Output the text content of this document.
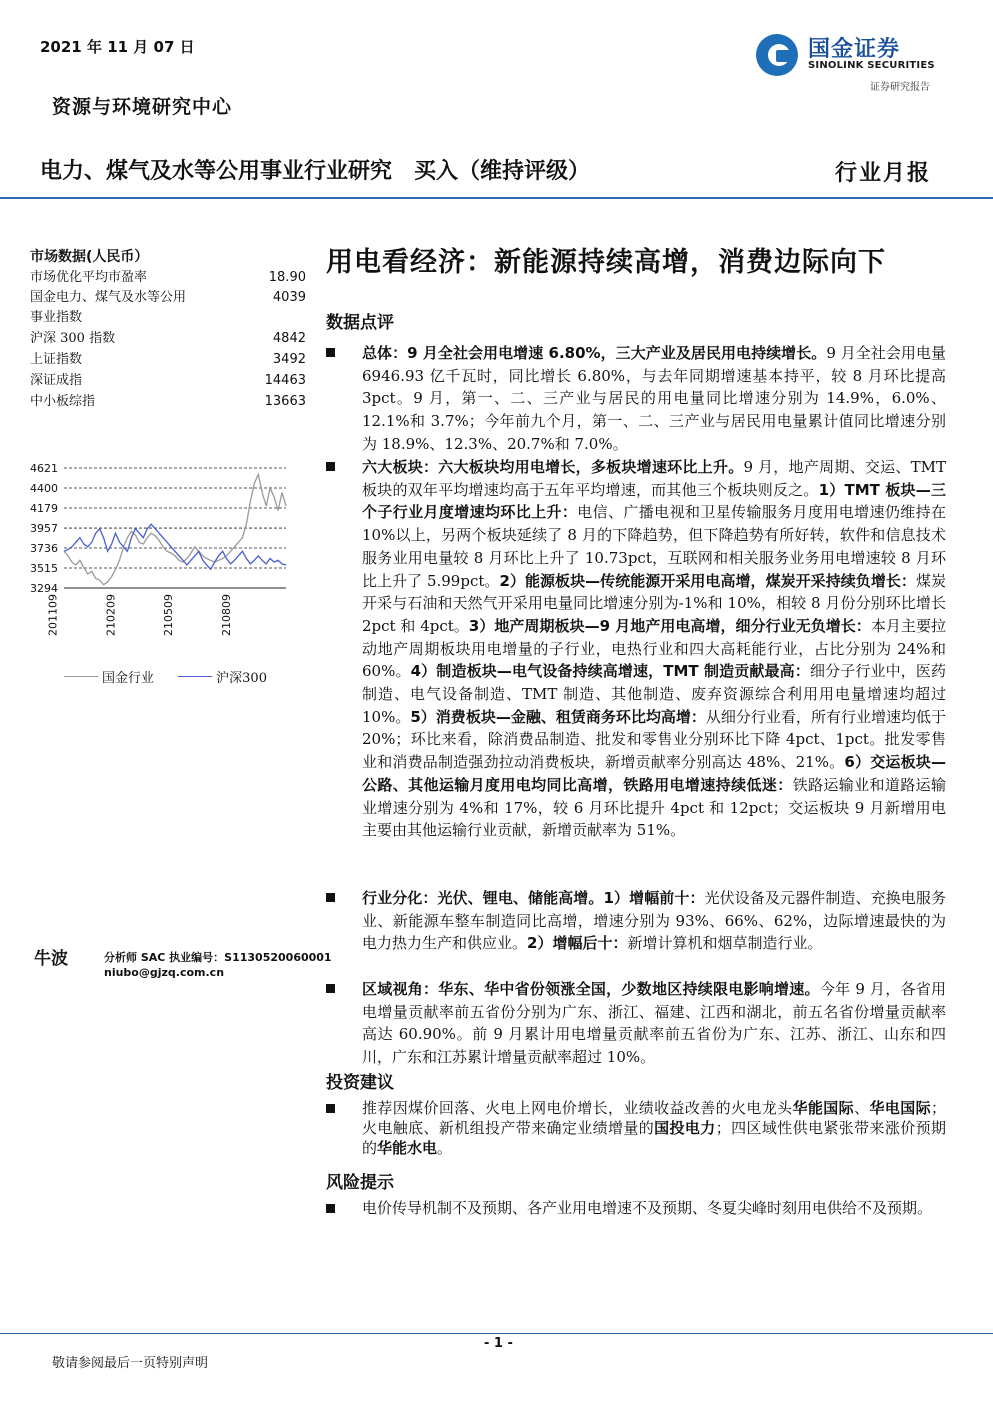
2021 年 11 月 07 日	国金证券
SINOLINK SECURITIES
证券研究报告
资源与环境研究中心
电力、煤气及水等公用事业行业研究 买入（维持评级）	行业月报
市场数据(人民币）
市场优化平均市盈率	18.90
国金电力、煤气及水等公用	4039
事业指数
沪深 300 指数	4842
上证指数	3492
深证成指	14463
中小板综指	13663
4621
4400
4179
3957
3736
3515
3294
201109	210209	210509	210809
国金行业
	沪深300
牛波	分析师 SAC 执业编号：S1130520060001
niubo@gjzq.com.cn
用电看经济：新能源持续高增，消费边际向下
数据点评
总体：9 月全社会用电增速 6.80%，三大产业及居民用电持续增长。9 月全社会用电量 6946.93 亿千瓦时，同比增长 6.80%，与去年同期增速基本持平，较 8 月环比提高 3pct。9 月，第一、二、三产业与居民的用电量同比增速分别为 14.9%，6.0%、12.1%和 3.7%；今年前九个月，第一、二、三产业与居民用电量累计值同比增速分别为 18.9%、12.3%、20.7%和 7.0%。
六大板块：六大板块均用电增长，多板块增速环比上升。9 月，地产周期、交运、TMT 板块的双年平均增速均高于五年平均增速，而其他三个板块则反之。1）TMT 板块—三个子行业月度增速均环比上升：电信、广播电视和卫星传输服务月度用电增速仍维持在 10%以上，另两个板块延续了 8 月的下降趋势，但下降趋势有所好转，软件和信息技术服务业用电量较 8 月环比上升了 10.73pct，互联网和相关服务业务用电增速较 8 月环比上升了 5.99pct。2）能源板块—传统能源开采用电高增，煤炭开采持续负增长：煤炭开采与石油和天然气开采用电量同比增速分别为-1%和 10%，相较 8 月份分别环比增长 2pct 和 4pct。3）地产周期板块—9 月地产用电高增，细分行业无负增长：本月主要拉动地产周期板块用电增量的子行业，电热行业和四大高耗能行业，占比分别为 24%和 60%。4）制造板块—电气设备持续高增速，TMT 制造贡献最高：细分子行业中，医药制造、电气设备制造、TMT 制造、其他制造、废弃资源综合利用用电量增速均超过 10%。5）消费板块—金融、租赁商务环比均高增：从细分行业看，所有行业增速均低于 20%；环比来看，除消费品制造、批发和零售业分别环比下降 4pct、1pct。批发零售业和消费品制造强劲拉动消费板块，新增贡献率分别高达 48%、21%。6）交运板块—公路、其他运输月度用电均同比高增，铁路用电增速持续低迷：铁路运输业和道路运输业增速分别为 4%和 17%，较 6 月环比提升 4pct 和 12pct；交运板块 9 月新增用电主要由其他运输行业贡献，新增贡献率为 51%。
行业分化：光伏、锂电、储能高增。1）增幅前十：光伏设备及元器件制造、充换电服务业、新能源车整车制造同比高增，增速分别为 93%、66%、62%，边际增速最快的为电力热力生产和供应业。2）增幅后十：新增计算机和烟草制造行业。
区域视角：华东、华中省份领涨全国，少数地区持续限电影响增速。今年 9 月，各省用电增量贡献率前五省份分别为广东、浙江、福建、江西和湖北，前五名省份增量贡献率高达 60.90%。前 9 月累计用电增量贡献率前五省份为广东、江苏、浙江、山东和四川，广东和江苏累计增量贡献率超过 10%。
投资建议
推荐因煤价回落、火电上网电价增长，业绩收益改善的火电龙头华能国际、华电国际；火电触底、新机组投产带来确定业绩增量的国投电力；四区域性供电紧张带来涨价预期的华能水电。
风险提示
电价传导机制不及预期、各产业用电增速不及预期、冬夏尖峰时刻用电供给不及预期。
- 1 -
敬请参阅最后一页特别声明
